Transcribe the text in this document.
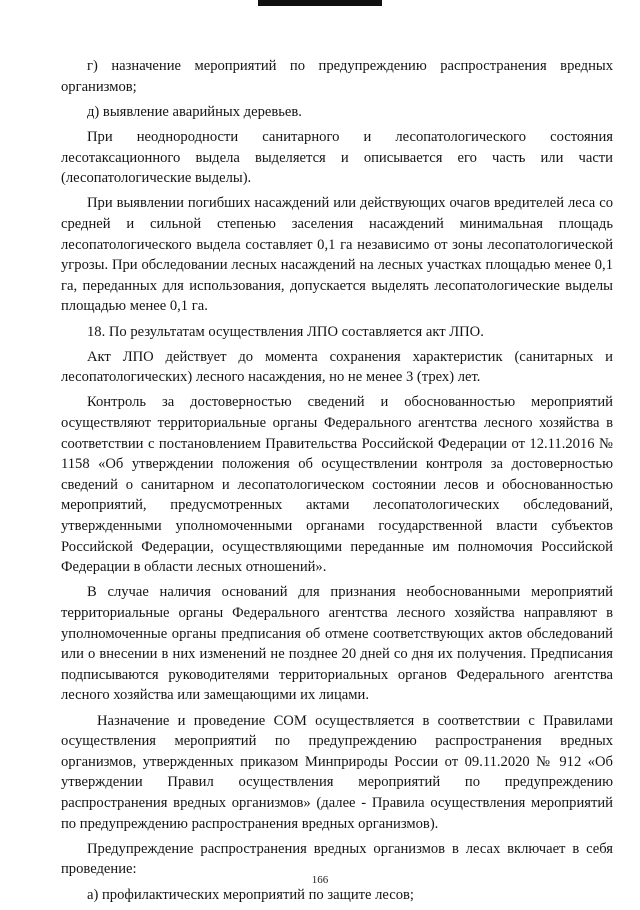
г) назначение мероприятий по предупреждению распространения вредных организмов;

д) выявление аварийных деревьев.

При неоднородности санитарного и лесопатологического состояния лесотаксационного выдела выделяется и описывается его часть или части (лесопатологические выделы).

При выявлении погибших насаждений или действующих очагов вредителей леса со средней и сильной степенью заселения насаждений минимальная площадь лесопатологического выдела составляет 0,1 га независимо от зоны лесопатологической угрозы. При обследовании лесных насаждений на лесных участках площадью менее 0,1 га, переданных для использования, допускается выделять лесопатологические выделы площадью менее 0,1 га.

18. По результатам осуществления ЛПО составляется акт ЛПО.

Акт ЛПО действует до момента сохранения характеристик (санитарных и лесопатологических) лесного насаждения, но не менее 3 (трех) лет.

Контроль за достоверностью сведений и обоснованностью мероприятий осуществляют территориальные органы Федерального агентства лесного хозяйства в соответствии с постановлением Правительства Российской Федерации от 12.11.2016 № 1158 «Об утверждении положения об осуществлении контроля за достоверностью сведений о санитарном и лесопатологическом состоянии лесов и обоснованностью мероприятий, предусмотренных актами лесопатологических обследований, утвержденными уполномоченными органами государственной власти субъектов Российской Федерации, осуществляющими переданные им полномочия Российской Федерации в области лесных отношений».

В случае наличия оснований для признания необоснованными мероприятий территориальные органы Федерального агентства лесного хозяйства направляют в уполномоченные органы предписания об отмене соответствующих актов обследований или о внесении в них изменений не позднее 20 дней со дня их получения. Предписания подписываются руководителями территориальных органов Федерального агентства лесного хозяйства или замещающими их лицами.

Назначение и проведение СОМ осуществляется в соответствии с Правилами осуществления мероприятий по предупреждению распространения вредных организмов, утвержденных приказом Минприроды России от 09.11.2020 № 912 «Об утверждении Правил осуществления мероприятий по предупреждению распространения вредных организмов» (далее - Правила осуществления мероприятий по предупреждению распространения вредных организмов).

Предупреждение распространения вредных организмов в лесах включает в себя проведение:

а) профилактических мероприятий по защите лесов;

166
